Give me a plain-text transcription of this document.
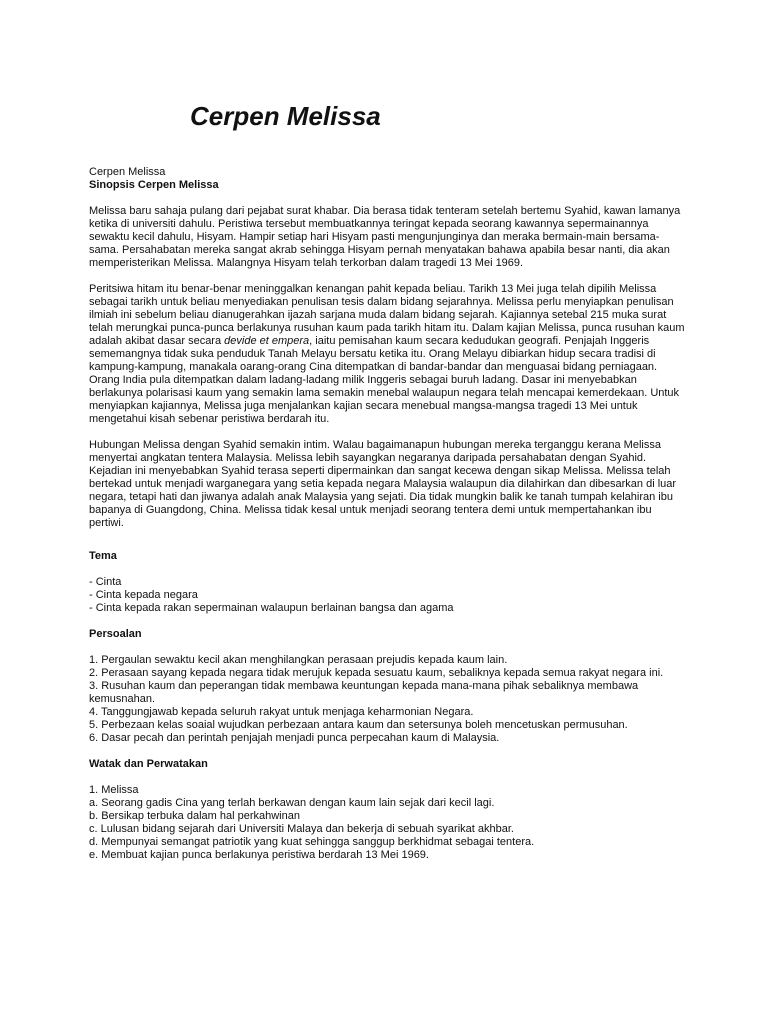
Cerpen Melissa

Cerpen Melissa

Sinopsis Cerpen Melissa

Melissa baru sahaja pulang dari pejabat surat khabar. Dia berasa tidak tenteram setelah bertemu Syahid, kawan lamanya ketika di universiti dahulu. Peristiwa tersebut membuatkannya teringat kepada seorang kawannya sepermainannya sewaktu kecil dahulu, Hisyam. Hampir setiap hari Hisyam pasti mengunjunginya dan meraka bermain-main bersama-sama. Persahabatan mereka sangat akrab sehingga Hisyam pernah menyatakan bahawa apabila besar nanti, dia akan memperisterikan Melissa. Malangnya Hisyam telah terkorban dalam tragedi 13 Mei 1969.

Peritsiwa hitam itu benar-benar meninggalkan kenangan pahit kepada beliau. Tarikh 13 Mei juga telah dipilih Melissa sebagai tarikh untuk beliau menyediakan penulisan tesis dalam bidang sejarahnya. Melissa perlu menyiapkan penulisan ilmiah ini sebelum beliau dianugerahkan ijazah sarjana muda dalam bidang sejarah. Kajiannya setebal 215 muka surat telah merungkai punca-punca berlakunya rusuhan kaum pada tarikh hitam itu. Dalam kajian Melissa, punca rusuhan kaum adalah akibat dasar secara devide et empera, iaitu pemisahan kaum secara kedudukan geografi. Penjajah Inggeris sememangnya tidak suka penduduk Tanah Melayu bersatu ketika itu. Orang Melayu dibiarkan hidup secara tradisi di kampung-kampung, manakala oarang-orang Cina ditempatkan di bandar-bandar dan menguasai bidang perniagaan. Orang India pula ditempatkan dalam ladang-ladang milik Inggeris sebagai buruh ladang. Dasar ini menyebabkan berlakunya polarisasi kaum yang semakin lama semakin menebal walaupun negara telah mencapai kemerdekaan. Untuk menyiapkan kajiannya, Melissa juga menjalankan kajian secara menebual mangsa-mangsa tragedi 13 Mei untuk mengetahui kisah sebenar peristiwa berdarah itu.

Hubungan Melissa dengan Syahid semakin intim. Walau bagaimanapun hubungan mereka terganggu kerana Melissa menyertai angkatan tentera Malaysia. Melissa lebih sayangkan negaranya daripada persahabatan dengan Syahid. Kejadian ini menyebabkan Syahid terasa seperti dipermainkan dan sangat kecewa dengan sikap Melissa. Melissa telah bertekad untuk menjadi warganegara yang setia kepada negara Malaysia walaupun dia dilahirkan dan dibesarkan di luar negara, tetapi hati dan jiwanya adalah anak Malaysia yang sejati. Dia tidak mungkin balik ke tanah tumpah kelahiran ibu bapanya di Guangdong, China. Melissa tidak kesal untuk menjadi seorang tentera demi untuk mempertahankan ibu pertiwi.

Tema

- Cinta
- Cinta kepada negara
- Cinta kepada rakan sepermainan walaupun berlainan bangsa dan agama

Persoalan

1. Pergaulan sewaktu kecil akan menghilangkan perasaan prejudis kepada kaum lain.
2. Perasaan sayang kepada negara tidak merujuk kepada sesuatu kaum, sebaliknya kepada semua rakyat negara ini.
3. Rusuhan kaum dan peperangan tidak membawa keuntungan kepada mana-mana pihak sebaliknya membawa kemusnahan.
4. Tanggungjawab kepada seluruh rakyat untuk menjaga keharmonian Negara.
5. Perbezaan kelas soaial wujudkan perbezaan antara kaum dan setersunya boleh mencetuskan permusuhan.
6. Dasar pecah dan perintah penjajah menjadi punca perpecahan kaum di Malaysia.

Watak dan Perwatakan

1. Melissa
a. Seorang gadis Cina yang terlah berkawan dengan kaum lain sejak dari kecil lagi.
b. Bersikap terbuka dalam hal perkahwinan
c. Lulusan bidang sejarah dari Universiti Malaya dan bekerja di sebuah syarikat akhbar.
d. Mempunyai semangat patriotik yang kuat sehingga sanggup berkhidmat sebagai tentera.
e. Membuat kajian punca berlakunya peristiwa berdarah 13 Mei 1969.
